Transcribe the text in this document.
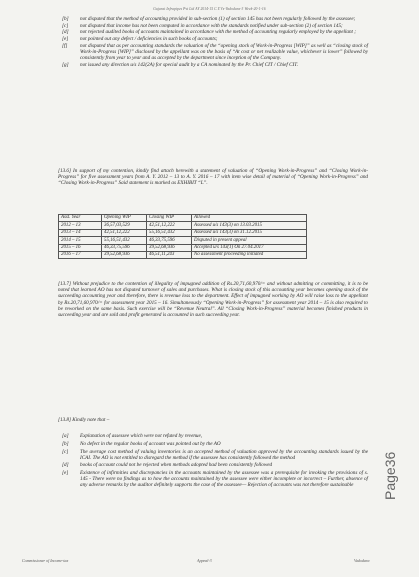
Gujarat Infrapipes Pvt Ltd AY 2014-15 C.Y.Vs-Vadodara-3 Week-20-1-16
[b] not disputed that the method of accounting provided in sub-section (1) of section 145 has not been regularly followed by the assessee;
[c] not disputed that income has not been computed in accordance with the standards notified under sub-section (2) of section 145;
[d] not rejected audited books of accounts maintained in accordance with the method of accounting regularly employed by the appellant ;
[e] not pointed out any defect / deficiencies in such books of accounts;
[f] not disputed that as per accounting standards the valuation of the “opening stock of Work-in-Progress [WIP]” as well as “closing stock of Work-in-Progress [WIP]” disclosed by the appellant was on the basis of “At cost or net realizable value, whichever is lower” followed by consistently from year to year and as accepted by the department since inception of the Company.
[g] not issued any direction u/s 142(2A) for special audit by a CA nominated by the Pr. Chief CIT / Chief CIT.
[13.6] In support of my contention, kindly find attach herewith a statement of valuation of “Opening Work-in-Progress” and “Closing Work-in-Progress” for five assessment years from A. Y. 2012 – 13 to A. Y. 2016 – 17 with item wise detail of material of “Opening Work-in-Progress” and “Closing Work-in-Progress” Said statement is marked as EXHIBIT “L”.
Asst. Year	Opening WIP	Closing WIP	Allowed
2012 – 13	36,57,03,529	42,51,12,222	Assessed u/s 143(3) on 13.03.2015
2013 – 14	42,51,12,222	55,16,51,432	Assessed u/s 143(3) on 31.12.2015
2014 – 15	55,16,51,432	46,33,75,596	Disputed in present appeal
2015 – 16	46,33,75,596	39,52,68,936	Accepted u/s 143(1) On 27.04.2017
2016 – 17	39,52,68,936	46,51,11,243	No assessment proceeding initiated
[13.7] Without prejudice to the contention of illegality of impugned addition of Rs.20,71,60,970/= and without admitting or committing, it is to be noted that learned AO has not disputed turnover of sales and purchases. What is closing stock of this accounting year becomes opening stock of the succeeding accounting year and therefore, there is revenue loss to the department. Effect of impugned working by AO will raise loss to the appellant by Rs.20,71,60,970/= for assessment year 2015 – 16. Simultaneously “Opening Work-in-Progress” for assessment year 2014 – 15 is also required to be reworked on the same basis. Such exercise will be “Revenue Neutral”. All “Closing Work-in-Progress” material becomes finished products in succeeding year and are sold and profit generated is accounted in such succeeding year.
[13.8] Kindly note that –
[a] Explanation of assessee which were not refuted by revenue,
[b] No defect in the regular books of account was pointed out by the AO
[c] The average cost method of valuing inventories is an accepted method of valuation approved by the accounting standards issued by the ICAI. The AO is not entitled to disregard the method if the assessee has consistently followed the method
[d] books of account could not be rejected when methods adopted had been consistently followed
[e] Existence of infirmities and discrepancies in the accounts maintained by the assessee was a prerequisite for invoking the provisions of s. 145 - There were no findings as to how the accounts maintained by the assessee were either incomplete or incorrect – Further, absence of any adverse remarks by the auditor definitely supports the case of the assessee— Rejection of accounts was not therefore sustainable	Page36
Commissioner of Income-tax	Appeal-3	Vadodara
